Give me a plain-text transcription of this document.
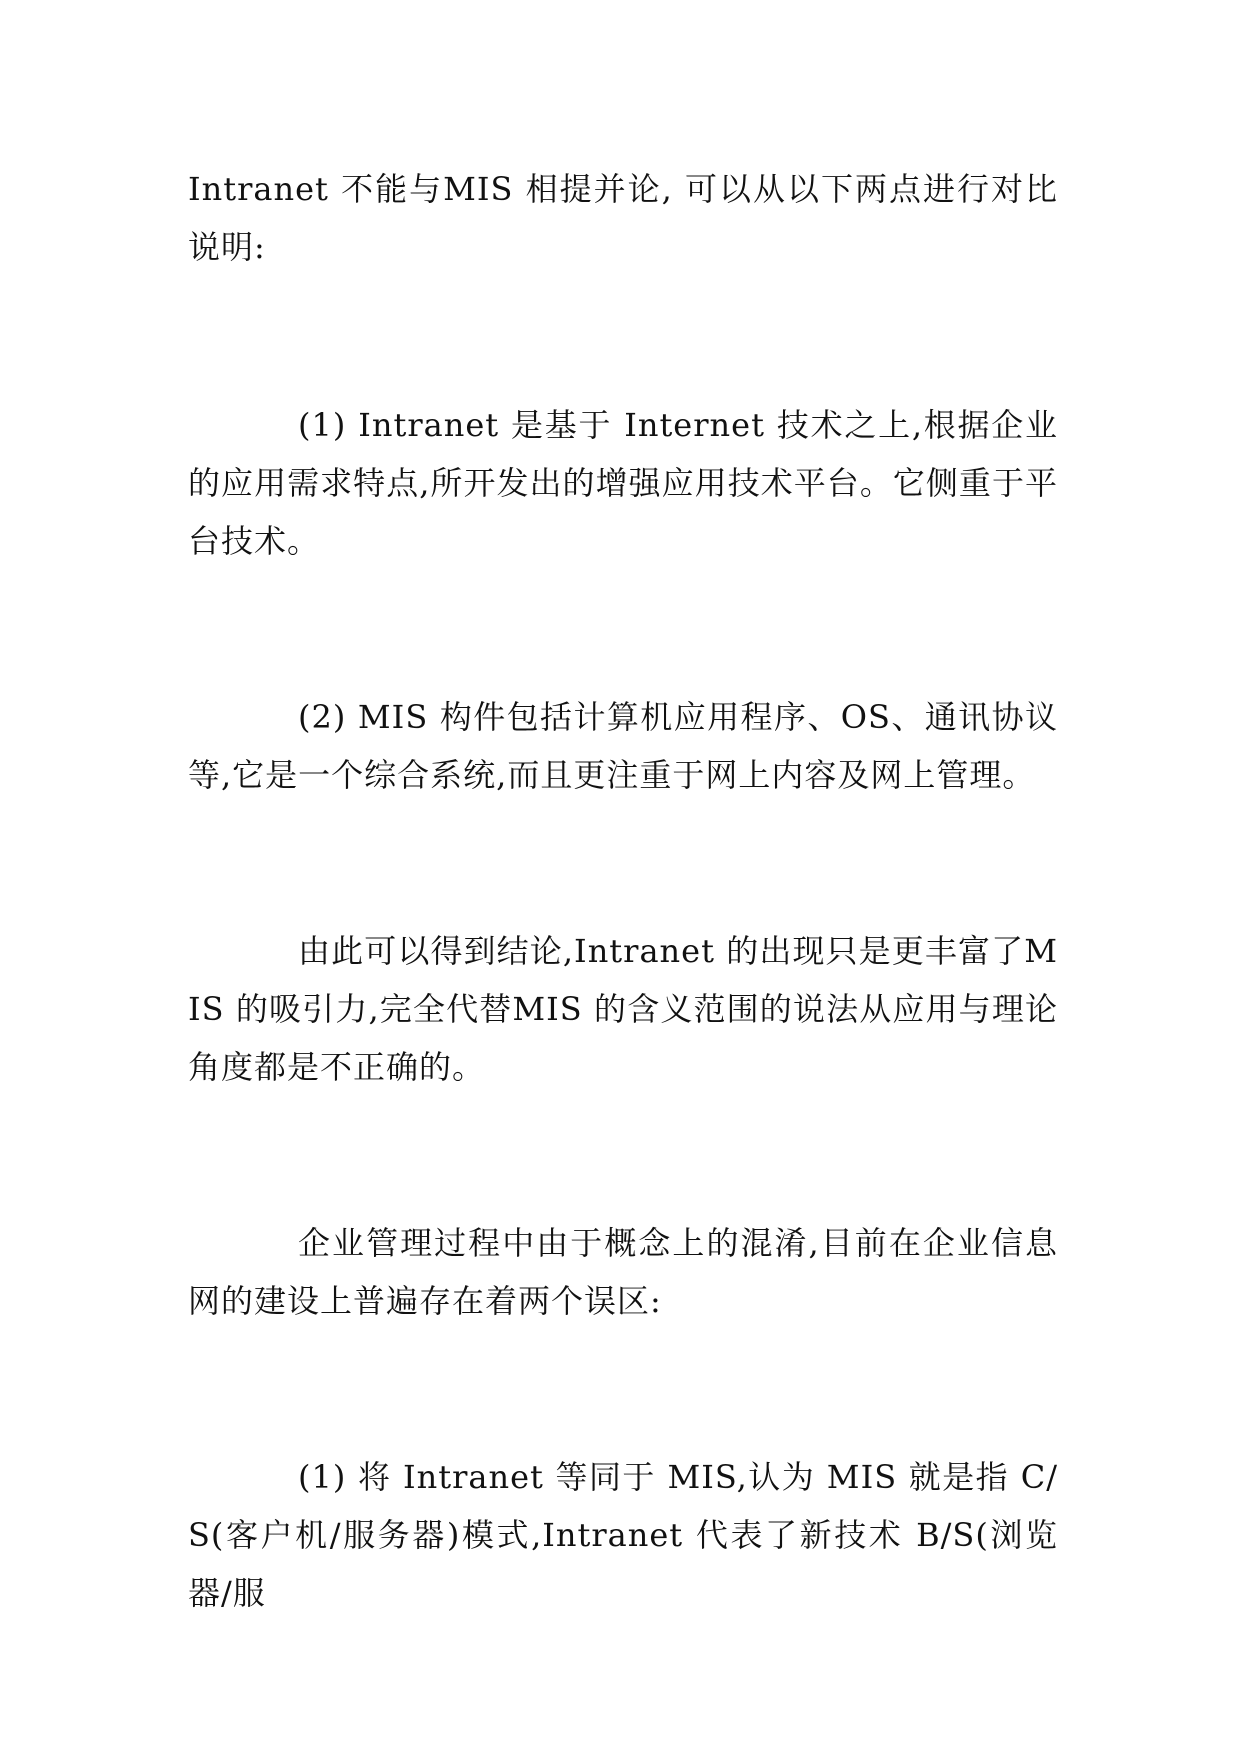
Intranet 不能与MIS 相提并论, 可以从以下两点进行对比说明:

(1) Intranet 是基于 Internet 技术之上,根据企业的应用需求特点,所开发出的增强应用技术平台。它侧重于平台技术。

(2) MIS 构件包括计算机应用程序、OS、通讯协议等,它是一个综合系统,而且更注重于网上内容及网上管理。

由此可以得到结论,Intranet 的出现只是更丰富了MIS 的吸引力,完全代替MIS 的含义范围的说法从应用与理论角度都是不正确的。

企业管理过程中由于概念上的混淆,目前在企业信息网的建设上普遍存在着两个误区:

(1) 将 Intranet 等同于 MIS,认为 MIS 就是指 C/S(客户机/服务器)模式,Intranet 代表了新技术 B/S(浏览器/服
